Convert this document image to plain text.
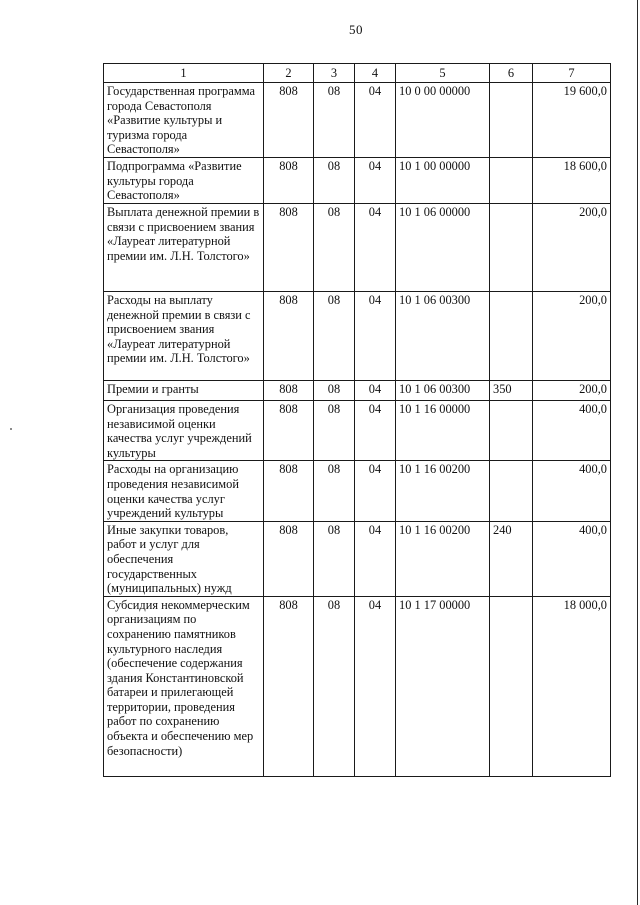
50
1	2	3	4	5	6	7
Государственная программа города Севастополя «Развитие культуры и туризма города Севастополя»	808	08	04	10 0 00 00000		19 600,0
Подпрограмма «Развитие культуры города Севастополя»	808	08	04	10 1 00 00000		18 600,0
Выплата денежной премии в связи с присвоением звания «Лауреат литературной премии им. Л.Н. Толстого»	808	08	04	10 1 06 00000		200,0
Расходы на выплату денежной премии в связи с присвоением звания «Лауреат литературной премии им. Л.Н. Толстого»	808	08	04	10 1 06 00300		200,0
Премии и гранты	808	08	04	10 1 06 00300	350	200,0
Организация проведения независимой оценки качества услуг учреждений культуры	808	08	04	10 1 16 00000		400,0
Расходы на организацию проведения независимой оценки качества услуг учреждений культуры	808	08	04	10 1 16 00200		400,0
Иные закупки товаров, работ и услуг для обеспечения государственных (муниципальных) нужд	808	08	04	10 1 16 00200	240	400,0
Субсидия некоммерческим организациям по сохранению памятников культурного наследия (обеспечение содержания здания Константиновской батареи и прилегающей территории, проведения работ по сохранению объекта и обеспечению мер безопасности)	808	08	04	10 1 17 00000		18 000,0
